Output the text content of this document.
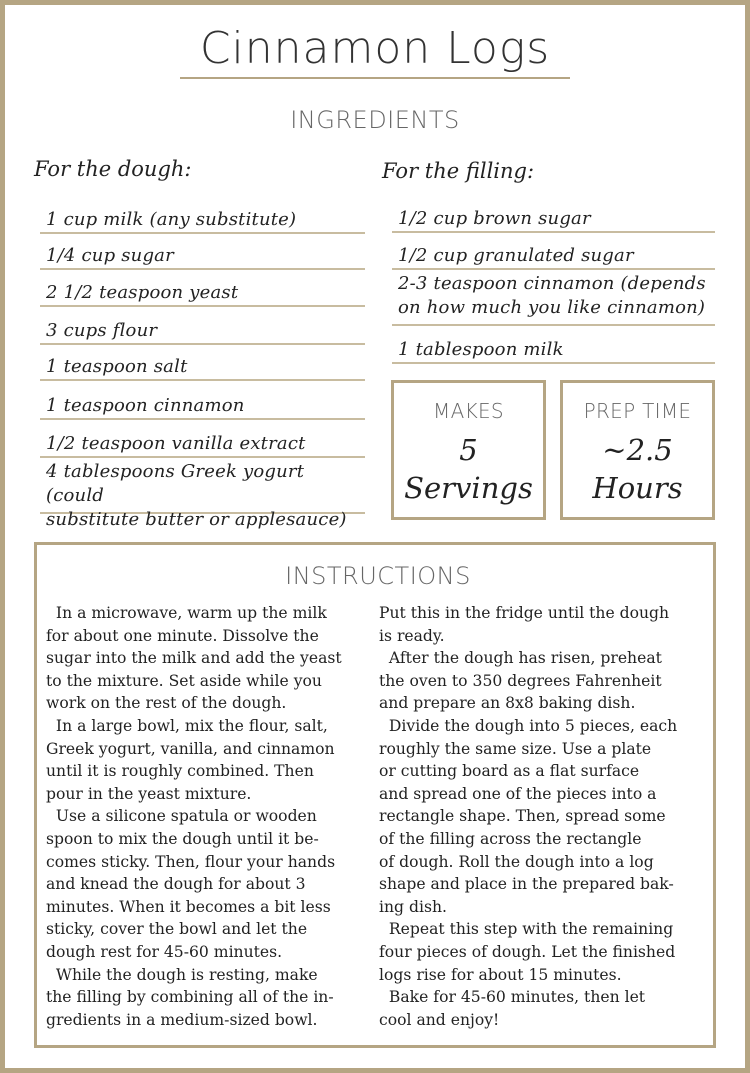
Cinnamon Logs
INGREDIENTS
For the dough:	For the filling:
1 cup milk (any substitute)
1/4 cup sugar
2 1/2 teaspoon yeast
3 cups flour
1 teaspoon salt
1 teaspoon cinnamon
1/2 teaspoon vanilla extract
4 tablespoons Greek yogurt (could
substitute butter or applesauce)
1/2 cup brown sugar
1/2 cup granulated sugar
2-3 teaspoon cinnamon (depends
on how much you like cinnamon)
1 tablespoon milk
MAKES
5
Servings
PREP TIME
~2.5
Hours
INSTRUCTIONS
In a microwave, warm up the milk
for about one minute. Dissolve the
sugar into the milk and add the yeast
to the mixture. Set aside while you
work on the rest of the dough.
In a large bowl, mix the flour, salt,
Greek yogurt, vanilla, and cinnamon
until it is roughly combined. Then
pour in the yeast mixture.
Use a silicone spatula or wooden
spoon to mix the dough until it be-
comes sticky. Then, flour your hands
and knead the dough for about 3
minutes. When it becomes a bit less
sticky, cover the bowl and let the
dough rest for 45-60 minutes.
While the dough is resting, make
the filling by combining all of the in-
gredients in a medium-sized bowl.
Put this in the fridge until the dough
is ready.
After the dough has risen, preheat
the oven to 350 degrees Fahrenheit
and prepare an 8x8 baking dish.
Divide the dough into 5 pieces, each
roughly the same size. Use a plate
or cutting board as a flat surface
and spread one of the pieces into a
rectangle shape. Then, spread some
of the filling across the rectangle
of dough. Roll the dough into a log
shape and place in the prepared bak-
ing dish.
Repeat this step with the remaining
four pieces of dough. Let the finished
logs rise for about 15 minutes.
Bake for 45-60 minutes, then let
cool and enjoy!
